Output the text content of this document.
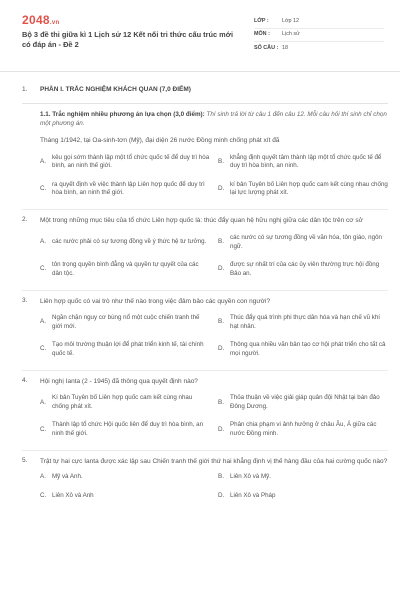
2048.vn
Bộ 3 đề thi giữa kì 1 Lịch sử 12 Kết nối tri thức cấu trúc mới có đáp án - Đề 2
LỚP :	Lớp 12
MÔN :	Lịch sử
SỐ CÂU : 18
1.	PHẦN I. TRẮC NGHIỆM KHÁCH QUAN (7,0 ĐIỂM)
1.1. Trắc nghiệm nhiều phương án lựa chọn (3,0 điểm): Thí sinh trả lời từ câu 1 đến câu 12. Mỗi câu hỏi thí sinh chỉ chọn một phương án.
Tháng 1/1942, tại Oa-sinh-tơn (Mỹ), đại diện 26 nước Đồng minh chống phát xít đã
A.
kêu gọi sớm thành lập một tổ chức quốc tế để duy trì hòa bình, an ninh thế giới.
B.
khẳng định quyết tâm thành lập một tổ chức quốc tế để duy trì hòa bình, an ninh.
C.
ra quyết định về việc thành lập Liên hợp quốc để duy trì hòa bình, an ninh thế giới.
D.
kí bản Tuyên bố Liên hợp quốc cam kết cùng nhau chống lại lực lượng phát xít.
2.	Một trong những mục tiêu của tổ chức Liên hợp quốc là: thúc đẩy quan hệ hữu nghị giữa các dân tộc trên cơ sở
A. các nước phải có sự tương đồng về ý thức hệ tư tưởng.	B.
các nước có sự tương đồng về văn hóa, tôn giáo, ngôn ngữ.
C.
tôn trọng quyền bình đẳng và quyền tự quyết của các dân tộc.
D.
được sự nhất trí của các ủy viên thường trực hội đồng Bảo an.
3.	Liên hợp quốc có vai trò như thế nào trong việc đảm bảo các quyền con người?
A.
Ngăn chặn nguy cơ bùng nổ một cuộc chiến tranh thế giới mới.
B.
Thúc đẩy quá trình phi thực dân hóa và hạn chế vũ khí hạt nhân.
C.
Tạo môi trường thuận lợi để phát triển kinh tế, tài chính quốc tế.
D.
Thông qua nhiều văn bản tạo cơ hội phát triển cho tất cả mọi người.
4.	Hội nghị Ianta (2 - 1945) đã thông qua quyết định nào?
A.
Kí bản Tuyên bố Liên hợp quốc cam kết cùng nhau chống phát xít.
B.
Thỏa thuận về việc giải giáp quân đội Nhật tại bán đảo Đông Dương.
C.
Thành lập tổ chức Hội quốc liên để duy trì hòa bình, an ninh thế giới.
D.
Phân chia phạm vi ảnh hưởng ở châu Âu, Á giữa các nước Đồng minh.
5.	Trật tự hai cực Ianta được xác lập sau Chiến tranh thế giới thứ hai khẳng định vị thế hàng đầu của hai cường quốc nào?
A. Mỹ và Anh.	B. Liên Xô và Mỹ.
C. Liên Xô và Anh	D. Liên Xô và Pháp
